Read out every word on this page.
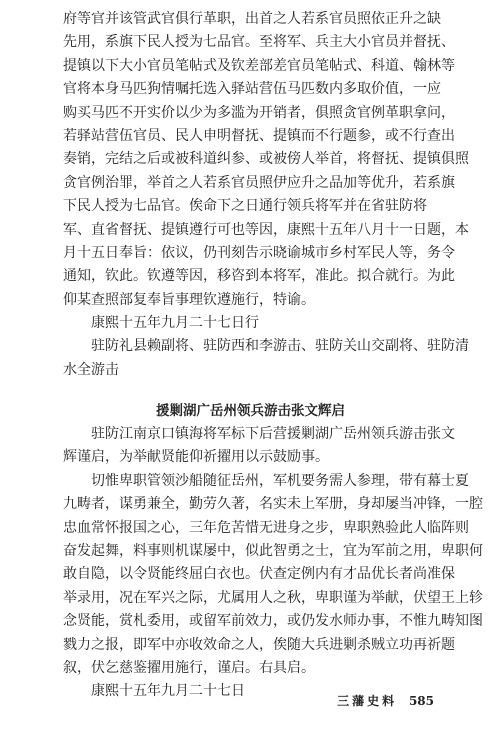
府等官并该管武官俱行革职，出首之人若系官员照依正升之缺
先用，系旗下民人授为七品官。至将军、兵主大小官员并督抚、
提镇以下大小官员笔帖式及钦差部差官员笔帖式、科道、翰林等
官将本身马匹狗情嘱托选入驿站营伍马匹数内多取价值，一应
购买马匹不开实价以少为多滥为开销者，俱照贪官例革职拿问，
若驿站营伍官员、民人申明督抚、提镇而不行题参，或不行查出
奏销，完结之后或被科道纠参、或被傍人举首，将督抚、提镇俱照
贪官例治罪，举首之人若系官员照伊应升之品加等优升，若系旗
下民人授为七品官。俟命下之日通行领兵将军并在省驻防将
军、直省督抚、提镇遵行可也等因，康熙十五年八月十一日题，本
月十五日奉旨：依议，仍刊刻告示晓谕城市乡村军民人等，务令
通知，钦此。钦遵等因，移咨到本将军，准此。拟合就行。为此
仰某查照部复奉旨事理钦遵施行，特谕。
康熙十五年九月二十七日行
驻防礼县赖副将、驻防西和李游击、驻防关山交副将、驻防清
水全游击
援剿湖广岳州领兵游击张文辉启
驻防江南京口镇海将军标下后营援剿湖广岳州领兵游击张文
辉谨启，为举献贤能仰祈擢用以示鼓励事。
切惟卑职管领沙船随征岳州，军机要务需人参理，带有幕士夏
九畴者，谋勇兼全，勤劳久著，名实未上军册，身却屡当冲锋，一腔
忠血常怀报国之心，三年危苦惜无进身之步，卑职熟验此人临阵则
奋发起舞，料事则机谋屡中，似此智勇之士，宜为军前之用，卑职何
敢自隐，以令贤能终屈白衣也。伏查定例内有才品优长者尚准保
举录用，况在军兴之际，尤属用人之秋，卑职谨为举献，伏望王上轸
念贤能，赏札委用，或留军前效力，或仍发水师办事，不惟九畴知图
戮力之报，即军中亦收效命之人，俟随大兵进剿杀贼立功再祈题
叙，伏乞慈鉴擢用施行，谨启。右具启。
康熙十五年九月二十七日
三藩史料 585
